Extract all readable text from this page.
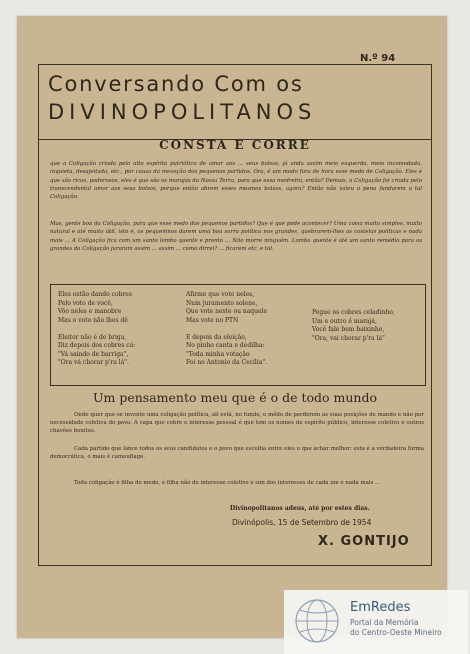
N.º 94
Conversando Com os
DIVINOPOLITANOS
CONSTA E CORRE
que a Coligação criada pelo alto espírito patriótico de amor aos ... seus bolsos, já anda assim meio esquerda, meio incomodada, inquieta, desajeitada, etc., por causa da mexeção dos pequenos partidos. Ora, é um modo fora de hora esse medo de Coligação. Eles é que são ricos, poderosos, eles é que são os marajás da Nossa Terra, para que essa medreira, então? Demais, a Coligação foi criada pelo transcendental amor aos seus bolsos, porque então abrem esses mesmos bolsos, agora? Então não valeu a pena fundarem a tal Coligação.
Mas, gente boa da Coligação, para que esse medo dos pequenos partidos? Que é que pode acontecer? Uma coisa muito simples, muito natural e até muito útil, isto é, os pequeninos darem uma boa surra política nos grandes, quebrarem-lhes as costelas políticas e nada mais ... A Coligação fica com um santo lombo quente e pronto ... Não morre ninguém. Lombo quente é até um santo remédio para os grandes da Coligação juraram assim ... assim ... como dirrei? ... ficarem etc. e tal.
Eles estão dando cobres
Pelo voto de você,
Vôo neles e manobre
Mas o voto não lhes dê

Eleitor não é de briga,
Diz depois dos cobres cá:
"Vá saindo de barriga",
"Ora vá chorar p'ra lá".
Afirme que vote neles,
Num juramento solene,
Que vote neste ou naquele
Mas vote no PTN

E depois da eleição,
No pinho canta e dedilha:
"Toda minha votação
Foi no Antonio da Cecília".
Pegue os cobres celadinho,
Um e outro é marajá,
Você fale bem baixinho,
"Ora, vai chorar p'ra lá"
Um pensamento meu que é o de todo mundo
Onde quer que se invente uma coligação política, ali está, no fundo, o mêdo de perderem as suas posições de mando e não por necessidade coletiva do povo. A capa que cobre o interesse pessoal é que tem os nomes de espírito público, interesse coletivo e outros chavões bonitos.
Cada partido que lance todos os seus candidatos e o povo que escolha entre eles o que achar melhor: esta é a verdadeira forma democrática, o mais é camouflage.
Toda coligação é filha do medo, é filha não do interesse coletivo e sim dos interesses de cada um e nada mais ...
Divinopolitanos adeus, até por estes dias.
Divinópolis, 15 de Setembro de 1954
X. GONTIJO
EmRedes
Portal da Memória
do Centro-Oeste Mineiro
